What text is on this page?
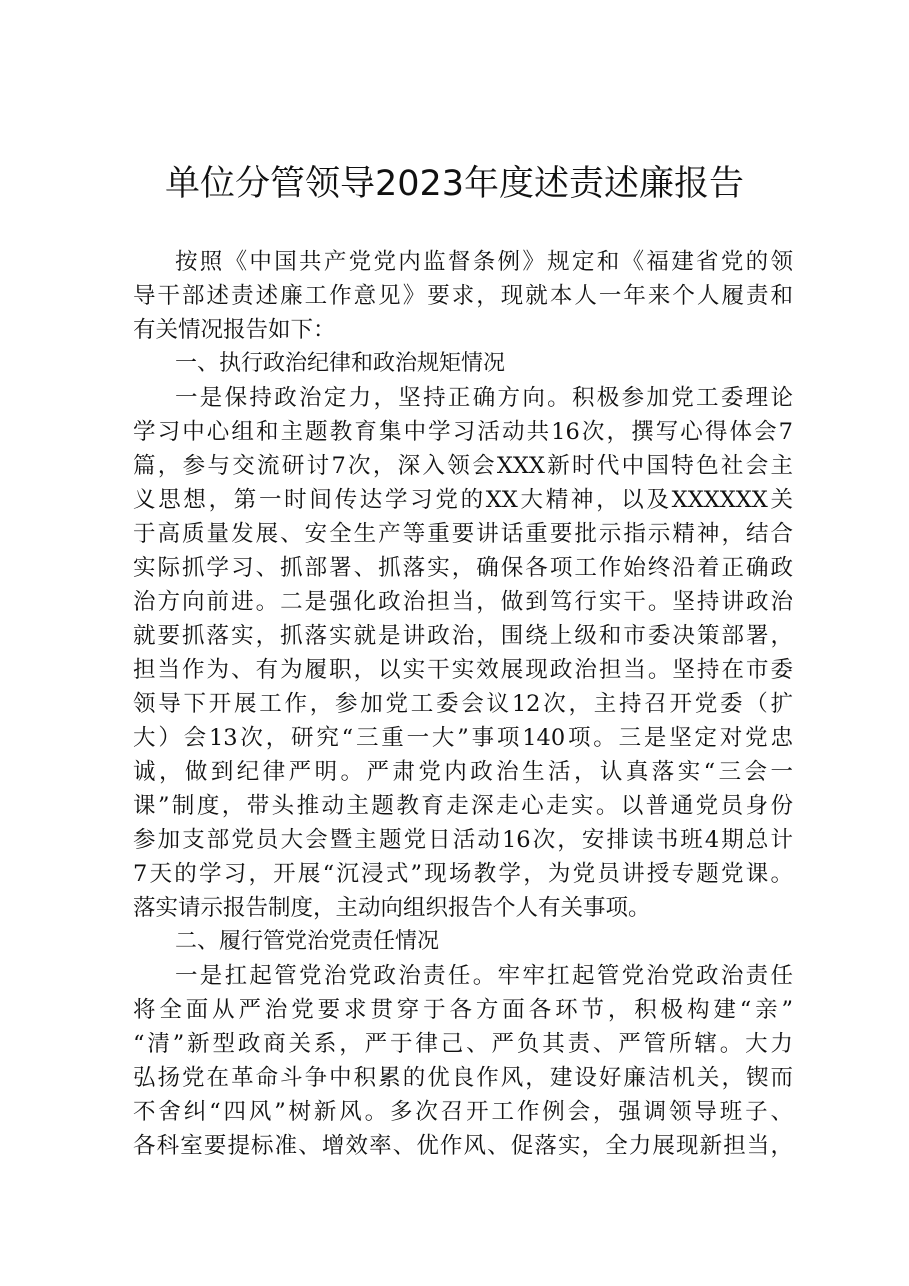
单位分管领导2023年度述责述廉报告
按照《中国共产党党内监督条例》规定和《福建省党的领
导干部述责述廉工作意见》要求，现就本人一年来个人履责和
有关情况报告如下：
一、执行政治纪律和政治规矩情况
一是保持政治定力，坚持正确方向。积极参加党工委理论
学习中心组和主题教育集中学习活动共16次，撰写心得体会7
篇，参与交流研讨7次，深入领会XXX新时代中国特色社会主
义思想，第一时间传达学习党的XX大精神，以及XXXXXX关
于高质量发展、安全生产等重要讲话重要批示指示精神，结合
实际抓学习、抓部署、抓落实，确保各项工作始终沿着正确政
治方向前进。二是强化政治担当，做到笃行实干。坚持讲政治
就要抓落实，抓落实就是讲政治，围绕上级和市委决策部署，
担当作为、有为履职，以实干实效展现政治担当。坚持在市委
领导下开展工作，参加党工委会议12次，主持召开党委（扩
大）会13次，研究“三重一大”事项140项。三是坚定对党忠
诚，做到纪律严明。严肃党内政治生活，认真落实“三会一
课”制度，带头推动主题教育走深走心走实。以普通党员身份
参加支部党员大会暨主题党日活动16次，安排读书班4期总计
7天的学习，开展“沉浸式”现场教学，为党员讲授专题党课。
落实请示报告制度，主动向组织报告个人有关事项。
二、履行管党治党责任情况
一是扛起管党治党政治责任。牢牢扛起管党治党政治责任
将全面从严治党要求贯穿于各方面各环节，积极构建“亲”
“清”新型政商关系，严于律己、严负其责、严管所辖。大力
弘扬党在革命斗争中积累的优良作风，建设好廉洁机关，锲而
不舍纠“四风”树新风。多次召开工作例会，强调领导班子、
各科室要提标准、增效率、优作风、促落实，全力展现新担当，
